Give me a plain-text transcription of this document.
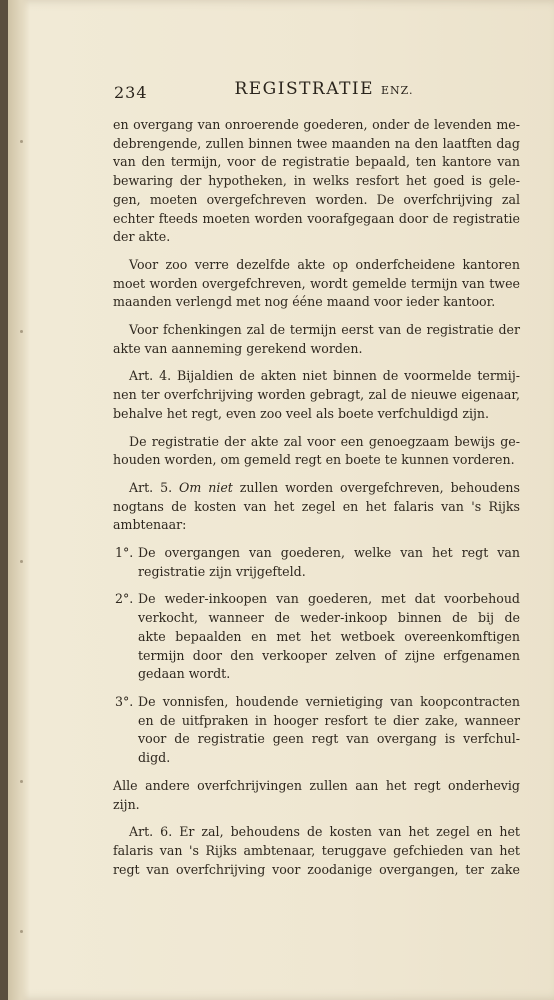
234	REGISTRATIE ENZ.
en overgang van onroerende goederen, onder de levenden me-
debrengende, zullen binnen twee maanden na den laatften dag
van den termijn, voor de registratie bepaald, ten kantore van
bewaring der hypotheken, in welks resfort het goed is gele-
gen, moeten overgefchreven worden. De overfchrijving zal
echter fteeds moeten worden voorafgegaan door de registratie
der akte.
Voor zoo verre dezelfde akte op onderfcheidene kantoren
moet worden overgefchreven, wordt gemelde termijn van twee
maanden verlengd met nog ééne maand voor ieder kantoor.
Voor fchenkingen zal de termijn eerst van de registratie der
akte van aanneming gerekend worden.
Art. 4. Bijaldien de akten niet binnen de voormelde termij-
nen ter overfchrijving worden gebragt, zal de nieuwe eigenaar,
behalve het regt, even zoo veel als boete verfchuldigd zijn.
De registratie der akte zal voor een genoegzaam bewijs ge-
houden worden, om gemeld regt en boete te kunnen vorderen.
Art. 5. Om niet zullen worden overgefchreven, behoudens
nogtans de kosten van het zegel en het falaris van 's Rijks
ambtenaar:
1°. De overgangen van goederen, welke van het regt van
registratie zijn vrijgefteld.
2°. De weder-inkoopen van goederen, met dat voorbehoud
verkocht, wanneer de weder-inkoop binnen de bij de
akte bepaalden en met het wetboek overeenkomftigen
termijn door den verkooper zelven of zijne erfgenamen
gedaan wordt.
3°. De vonnisfen, houdende vernietiging van koopcontracten
en de uitfpraken in hooger resfort te dier zake, wanneer
voor de registratie geen regt van overgang is verfchul-
digd.
Alle andere overfchrijvingen zullen aan het regt onderhevig
zijn.
Art. 6. Er zal, behoudens de kosten van het zegel en het
falaris van 's Rijks ambtenaar, teruggave gefchieden van het
regt van overfchrijving voor zoodanige overgangen, ter zake
